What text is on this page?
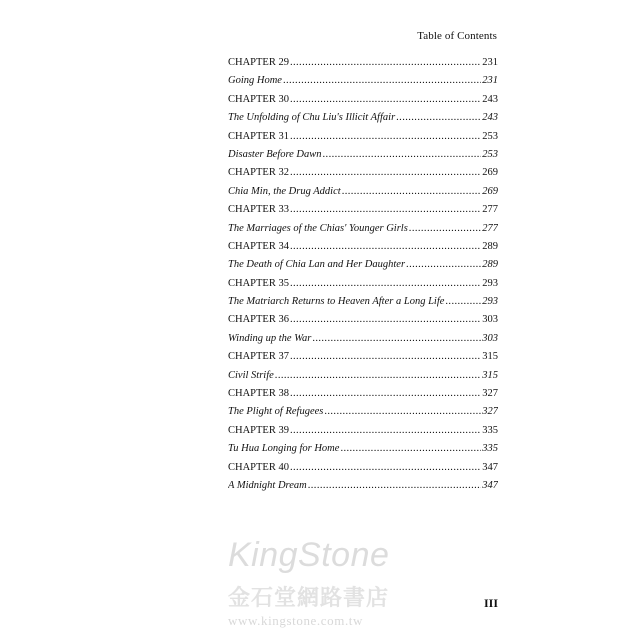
Table of Contents
CHAPTER 29 .....	231
Going Home .....	231
CHAPTER 30 .....	243
The Unfolding of Chu Liu's Illicit Affair .....	243
CHAPTER 31 .....	253
Disaster Before Dawn .....	253
CHAPTER 32 .....	269
Chia Min, the Drug Addict .....	269
CHAPTER 33 .....	277
The Marriages of the Chias' Younger Girls .....	277
CHAPTER 34 .....	289
The Death of Chia Lan and Her Daughter .....	289
CHAPTER 35 .....	293
The Matriarch Returns to Heaven After a Long Life .....	293
CHAPTER 36 .....	303
Winding up the War .....	303
CHAPTER 37 .....	315
Civil Strife .....	315
CHAPTER 38 .....	327
The Plight of Refugees .....	327
CHAPTER 39 .....	335
Tu Hua Longing for Home .....	335
CHAPTER 40 .....	347
A Midnight Dream .....	347
KingStone
金石堂網路書店
www.kingstone.com.tw
III
